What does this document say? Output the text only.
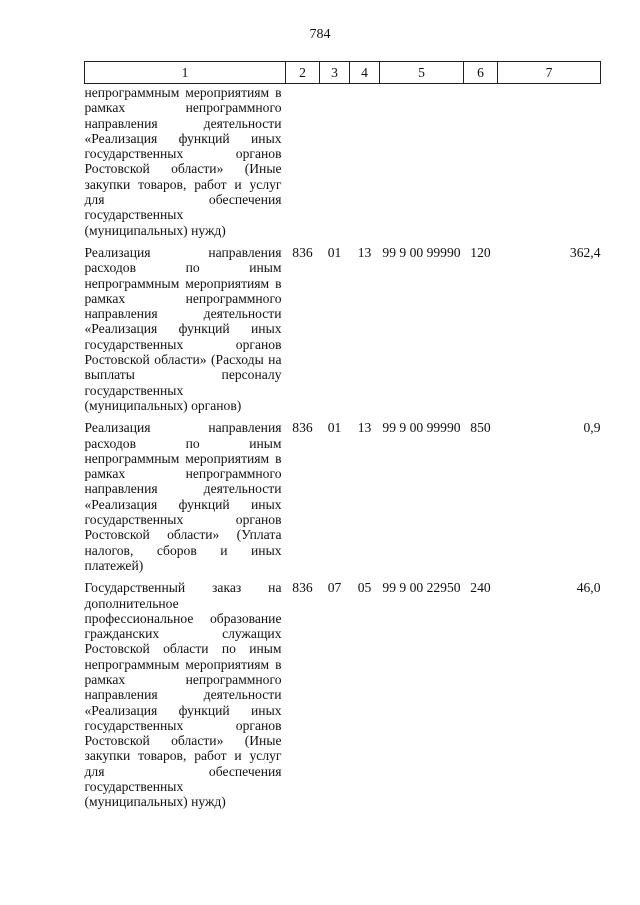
784
1	2	3	4	5	6	7
непрограммным мероприятиям в рамках непрограммного направления деятельности «Реализация функций иных государственных органов Ростовской области» (Иные закупки товаров, работ и услуг для обеспечения государственных (муниципальных) нужд)						
Реализация направления расходов по иным непрограммным мероприятиям в рамках непрограммного направления деятельности «Реализация функций иных государственных органов Ростовской области» (Расходы на выплаты персоналу государственных (муниципальных) органов)	836	01	13	99 9 00 99990	120	362,4
Реализация направления расходов по иным непрограммным мероприятиям в рамках непрограммного направления деятельности «Реализация функций иных государственных органов Ростовской области» (Уплата налогов, сборов и иных платежей)	836	01	13	99 9 00 99990	850	0,9
Государственный заказ на дополнительное профессиональное образование гражданских служащих Ростовской области по иным непрограммным мероприятиям в рамках непрограммного направления деятельности «Реализация функций иных государственных органов Ростовской области» (Иные закупки товаров, работ и услуг для обеспечения государственных (муниципальных) нужд)	836	07	05	99 9 00 22950	240	46,0
